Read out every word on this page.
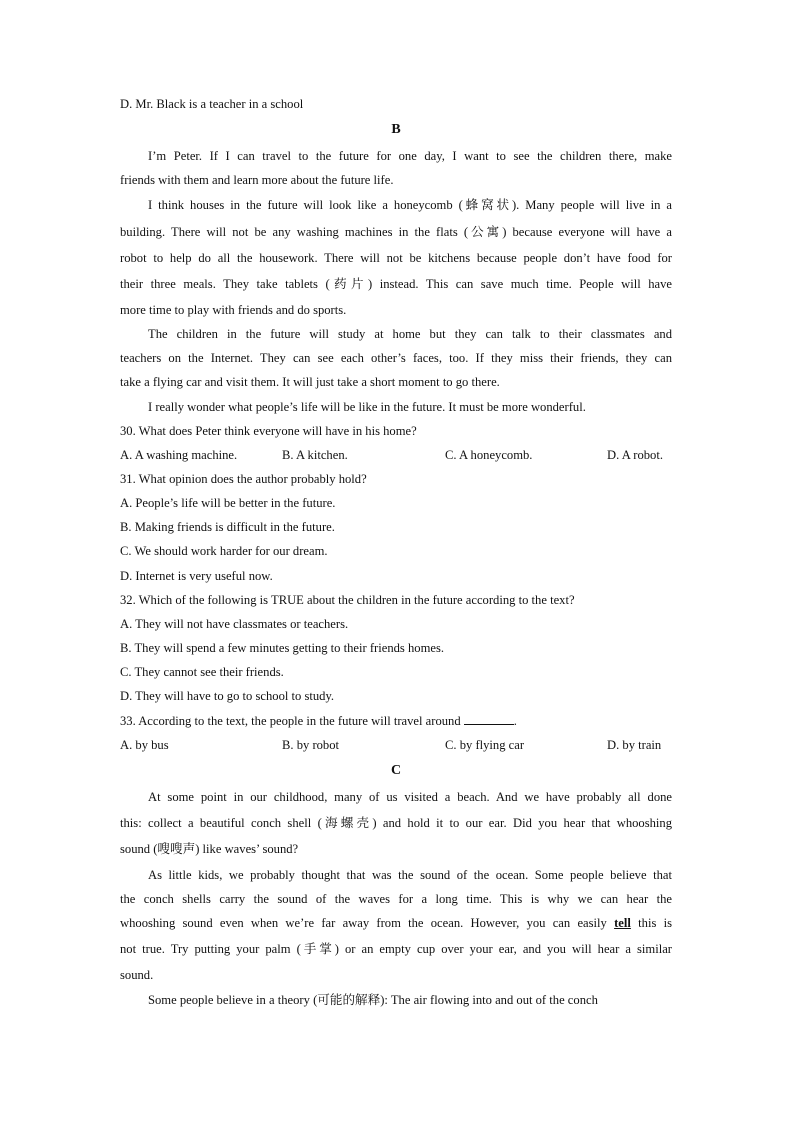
D. Mr. Black is a teacher in a school
B
I’m Peter. If I can travel to the future for one day, I want to see the children there, make
friends with them and learn more about the future life.
I think houses in the future will look like a honeycomb (蜂窝状). Many people will live in a
building. There will not be any washing machines in the flats (公寓) because everyone will have a
robot to help do all the housework. There will not be kitchens because people don’t have food for
their three meals. They take tablets (药片) instead. This can save much time. People will have
more time to play with friends and do sports.
The children in the future will study at home but they can talk to their classmates and
teachers on the Internet. They can see each other’s faces, too. If they miss their friends, they can
take a flying car and visit them. It will just take a short moment to go there.
I really wonder what people’s life will be like in the future. It must be more wonderful.
30. What does Peter think everyone will have in his home?
A. A washing machine.	B. A kitchen.	C. A honeycomb.	D. A robot.
31. What opinion does the author probably hold?
A. People’s life will be better in the future.
B. Making friends is difficult in the future.
C. We should work harder for our dream.
D. Internet is very useful now.
32. Which of the following is TRUE about the children in the future according to the text?
A. They will not have classmates or teachers.
B. They will spend a few minutes getting to their friends homes.
C. They cannot see their friends.
D. They will have to go to school to study.
33. According to the text, the people in the future will travel around	.
A. by bus	B. by robot	C. by flying car	D. by train
C
At some point in our childhood, many of us visited a beach. And we have probably all done
this: collect a beautiful conch shell (海螺壳) and hold it to our ear. Did you hear that whooshing
sound (嗖嗖声) like waves’ sound?
As little kids, we probably thought that was the sound of the ocean. Some people believe that
the conch shells carry the sound of the waves for a long time. This is why we can hear the
whooshing sound even when we’re far away from the ocean. However, you can easily tell this is
not true. Try putting your palm (手掌) or an empty cup over your ear, and you will hear a similar
sound.
Some people believe in a theory (可能的解释): The air flowing into and out of the conch
